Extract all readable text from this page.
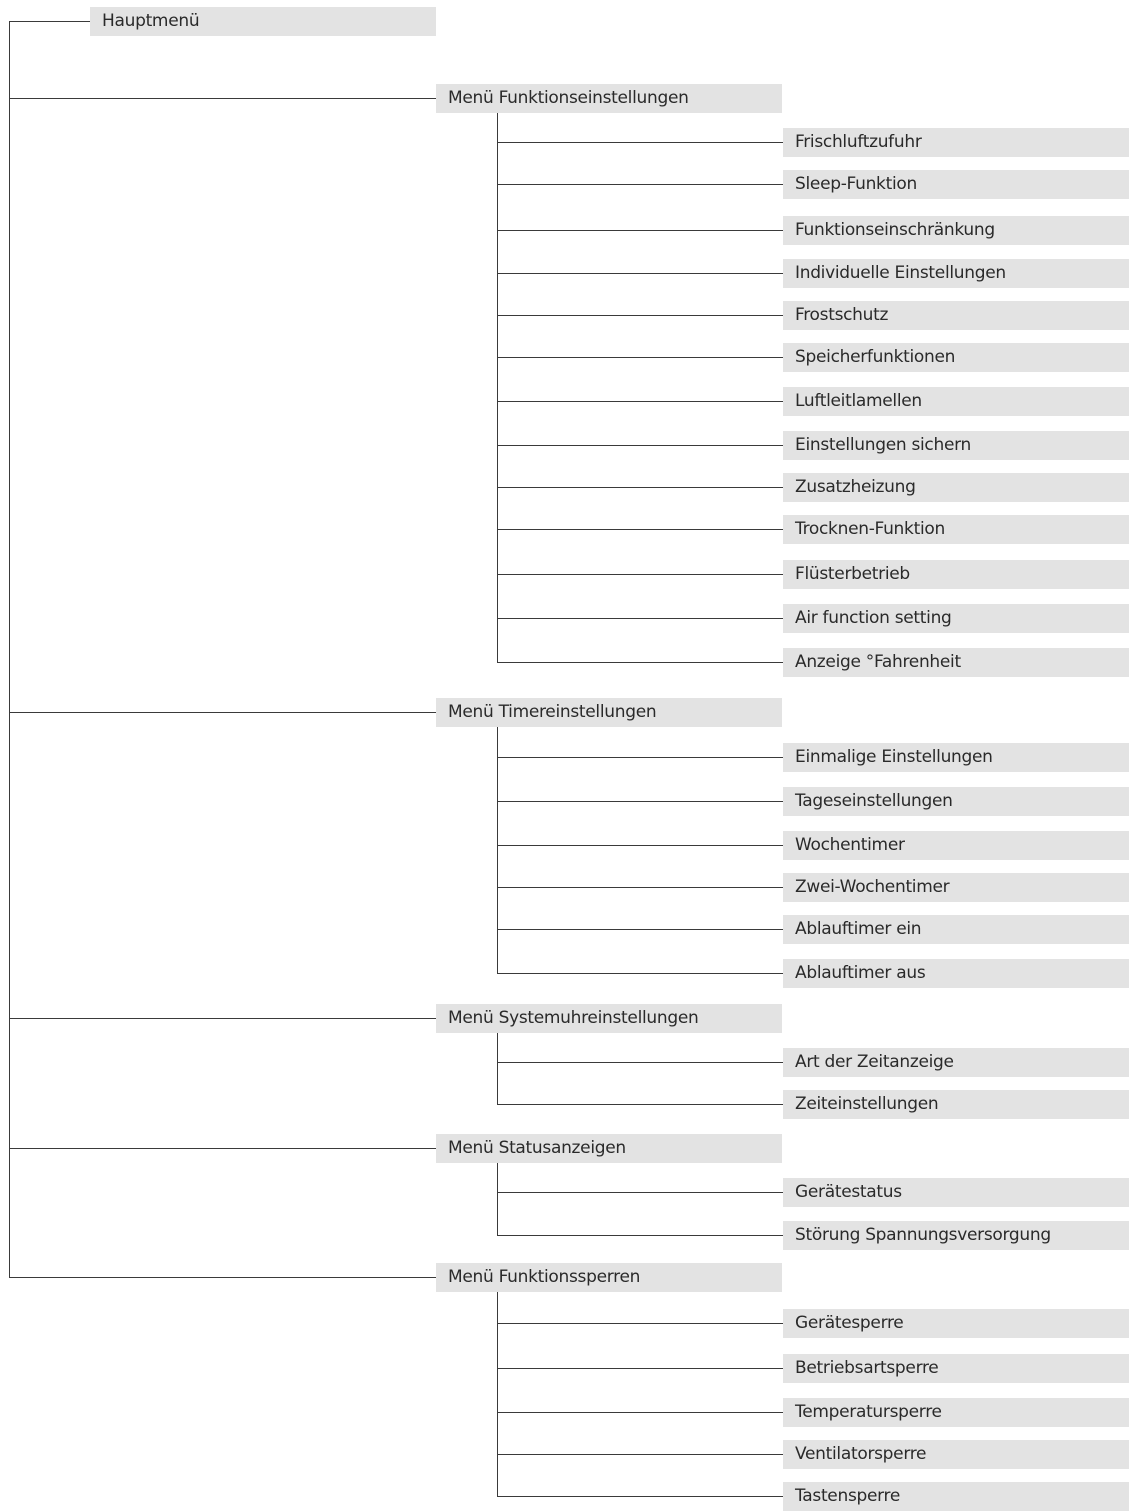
Hauptmenü
Menü Funktionseinstellungen
Frischluftzufuhr
Sleep-Funktion
Funktionseinschränkung
Individuelle Einstellungen
Frostschutz
Speicherfunktionen
Luftleitlamellen
Einstellungen sichern
Zusatzheizung
Trocknen-Funktion
Flüsterbetrieb
Air function setting
Anzeige °Fahrenheit
Menü Timereinstellungen
Einmalige Einstellungen
Tageseinstellungen
Wochentimer
Zwei-Wochentimer
Ablauftimer ein
Ablauftimer aus
Menü Systemuhreinstellungen
Art der Zeitanzeige
Zeiteinstellungen
Menü Statusanzeigen
Gerätestatus
Störung Spannungsversorgung
Menü Funktionssperren
Gerätesperre
Betriebsartsperre
Temperatursperre
Ventilatorsperre
Tastensperre
